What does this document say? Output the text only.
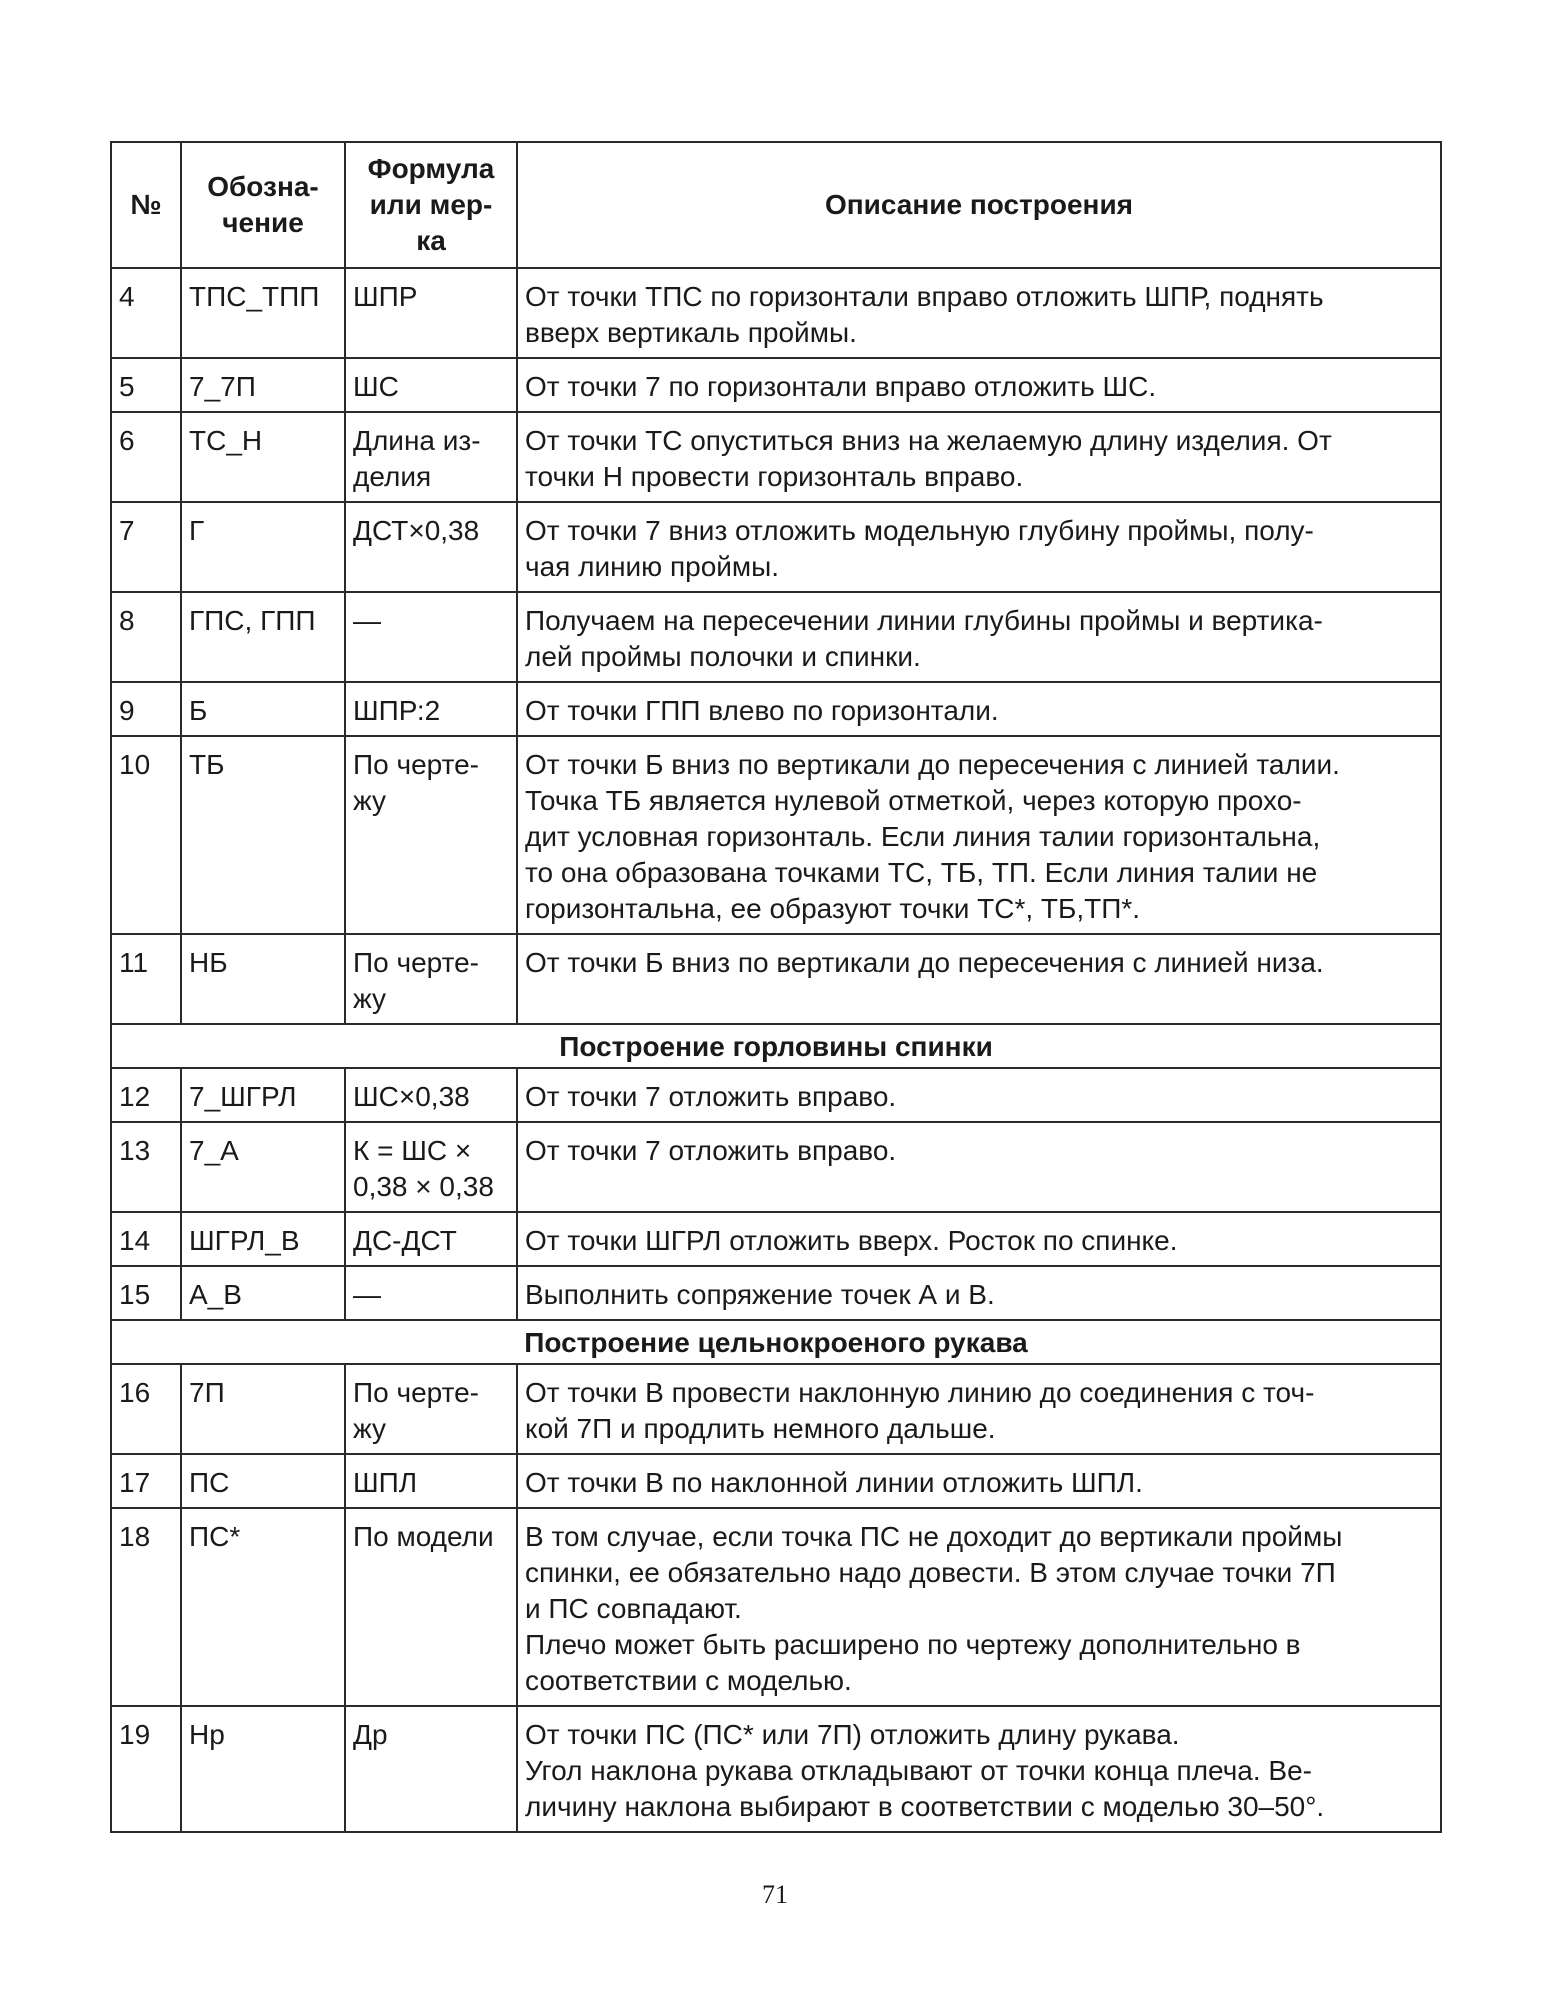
№	Обозна-
чение	Формула
или мер-
ка	Описание построения
4	ТПС_ТПП	ШПР	От точки ТПС по горизонтали вправо отложить ШПР, поднять
вверх вертикаль проймы.
5	7_7П	ШС	От точки 7 по горизонтали вправо отложить ШС.
6	ТС_Н	Длина из-
делия	От точки ТС опуститься вниз на желаемую длину изделия. От
точки Н провести горизонталь вправо.
7	Г	ДСТ×0,38	От точки 7 вниз отложить модельную глубину проймы, полу-
чая линию проймы.
8	ГПС, ГПП	—	Получаем на пересечении линии глубины проймы и вертика-
лей проймы полочки и спинки.
9	Б	ШПР:2	От точки ГПП влево по горизонтали.
10	ТБ	По черте-
жу	От точки Б вниз по вертикали до пересечения с линией талии.
Точка ТБ является нулевой отметкой, через которую прохо-
дит условная горизонталь. Если линия талии горизонтальна,
то она образована точками ТС, ТБ, ТП. Если линия талии не
горизонтальна, ее образуют точки ТС*, ТБ,ТП*.
11	НБ	По черте-
жу	От точки Б вниз по вертикали до пересечения с линией низа.
Построение горловины спинки			
12	7_ШГРЛ	ШС×0,38	От точки 7 отложить вправо.
13	7_А	К = ШС ×
0,38 × 0,38	От точки 7 отложить вправо.
14	ШГРЛ_В	ДС-ДСТ	От точки ШГРЛ отложить вверх. Росток по спинке.
15	А_В	—	Выполнить сопряжение точек А и В.
Построение цельнокроеного рукава			
16	7П	По черте-
жу	От точки В провести наклонную линию до соединения с точ-
кой 7П и продлить немного дальше.
17	ПС	ШПЛ	От точки В по наклонной линии отложить ШПЛ.
18	ПС*	По модели	В том случае, если точка ПС не доходит до вертикали проймы
спинки, ее обязательно надо довести. В этом случае точки 7П
и ПС совпадают.
Плечо может быть расширено по чертежу дополнительно в
соответствии с моделью.
19	Нр	Др	От точки ПС (ПС* или 7П) отложить длину рукава.
Угол наклона рукава откладывают от точки конца плеча. Ве-
личину наклона выбирают в соответствии с моделью 30–50°.
71
